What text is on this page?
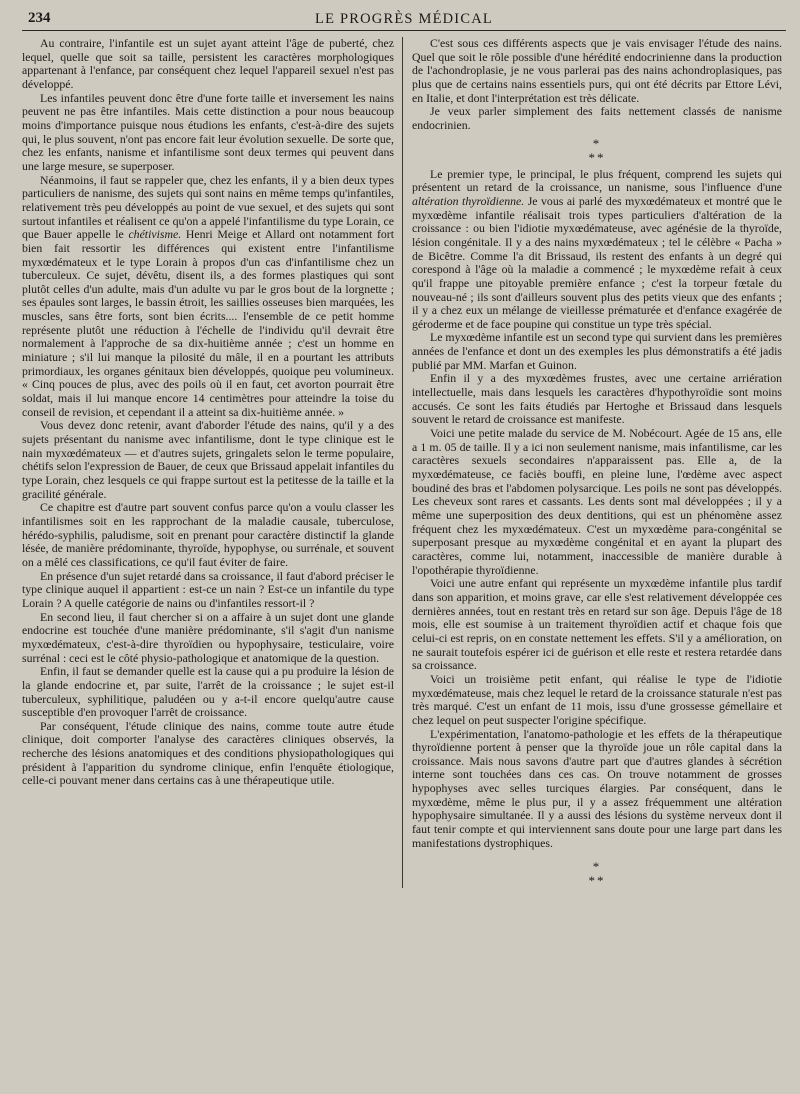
234	LE PROGRÈS MÉDICAL

Au contraire, l'infantile est un sujet ayant atteint l'âge de puberté, chez lequel, quelle que soit sa taille, persistent les caractères morphologiques appartenant à l'enfance, par conséquent chez lequel l'appareil sexuel n'est pas développé.

Les infantiles peuvent donc être d'une forte taille et inversement les nains peuvent ne pas être infantiles. Mais cette distinction a pour nous beaucoup moins d'importance puisque nous étudions les enfants, c'est-à-dire des sujets qui, le plus souvent, n'ont pas encore fait leur évolution sexuelle. De sorte que, chez les enfants, nanisme et infantilisme sont deux termes qui peuvent dans une large mesure, se superposer.

Néanmoins, il faut se rappeler que, chez les enfants, il y a bien deux types particuliers de nanisme, des sujets qui sont nains en même temps qu'infantiles, relativement très peu développés au point de vue sexuel, et des sujets qui sont surtout infantiles et réalisent ce qu'on a appelé l'infantilisme du type Lorain, ce que Bauer appelle le chétivisme. Henri Meige et Allard ont notamment fort bien fait ressortir les différences qui existent entre l'infantilisme myxœdémateux et le type Lorain à propos d'un cas d'infantilisme chez un tuberculeux. Ce sujet, dévêtu, disent ils, a des formes plastiques qui sont plutôt celles d'un adulte, mais d'un adulte vu par le gros bout de la lorgnette ; ses épaules sont larges, le bassin étroit, les saillies osseuses bien marquées, les muscles, sans être forts, sont bien écrits.... l'ensemble de ce petit homme représente plutôt une réduction à l'échelle de l'individu qu'il devrait être normalement à l'approche de sa dix-huitième année ; c'est un homme en miniature ; s'il lui manque la pilosité du mâle, il en a pourtant les attributs primordiaux, les organes génitaux bien développés, quoique peu volumineux. « Cinq pouces de plus, avec des poils où il en faut, cet avorton pourrait être soldat, mais il lui manque encore 14 centimètres pour atteindre la toise du conseil de revision, et cependant il a atteint sa dix-huitième année. »

Vous devez donc retenir, avant d'aborder l'étude des nains, qu'il y a des sujets présentant du nanisme avec infantilisme, dont le type clinique est le nain myxœdémateux — et d'autres sujets, gringalets selon le terme populaire, chétifs selon l'expression de Bauer, de ceux que Brissaud appelait infantiles du type Lorain, chez lesquels ce qui frappe surtout est la petitesse de la taille et la gracilité générale.

Ce chapitre est d'autre part souvent confus parce qu'on a voulu classer les infantilismes soit en les rapprochant de la maladie causale, tuberculose, hérédo-syphilis, paludisme, soit en prenant pour caractère distinctif la glande lésée, de manière prédominante, thyroïde, hypophyse, ou surrénale, et souvent on a mêlé ces classifications, ce qu'il faut éviter de faire.

En présence d'un sujet retardé dans sa croissance, il faut d'abord préciser le type clinique auquel il appartient : est-ce un nain ? Est-ce un infantile du type Lorain ? A quelle catégorie de nains ou d'infantiles ressort-il ?

En second lieu, il faut chercher si on a affaire à un sujet dont une glande endocrine est touchée d'une manière prédominante, s'il s'agit d'un nanisme myxœdémateux, c'est-à-dire thyroïdien ou hypophysaire, testiculaire, voire surrénal : ceci est le côté physio-pathologique et anatomique de la question.

Enfin, il faut se demander quelle est la cause qui a pu produire la lésion de la glande endocrine et, par suite, l'arrêt de la croissance ; le sujet est-il tuberculeux, syphilitique, paludéen ou y a-t-il encore quelqu'autre cause susceptible d'en provoquer l'arrêt de croissance.

Par conséquent, l'étude clinique des nains, comme toute autre étude clinique, doit comporter l'analyse des caractères cliniques observés, la recherche des lésions anatomiques et des conditions physiopathologiques qui président à l'apparition du syndrome clinique, enfin l'enquête étiologique, celle-ci pouvant mener dans certains cas à une thérapeutique utile.

C'est sous ces différents aspects que je vais envisager l'étude des nains. Quel que soit le rôle possible d'une hérédité endocrinienne dans la production de l'achondroplasie, je ne vous parlerai pas des nains achondroplasiques, pas plus que de certains nains essentiels purs, qui ont été décrits par Ettore Lévi, en Italie, et dont l'interprétation est très délicate.

Je veux parler simplement des faits nettement classés de nanisme endocrinien.

*
**

Le premier type, le principal, le plus fréquent, comprend les sujets qui présentent un retard de la croissance, un nanisme, sous l'influence d'une altération thyroïdienne. Je vous ai parlé des myxœdémateux et montré que le myxœdème infantile réalisait trois types particuliers d'altération de la croissance : ou bien l'idiotie myxœdémateuse, avec agénésie de la thyroïde, lésion congénitale. Il y a des nains myxœdémateux ; tel le célèbre « Pacha » de Bicêtre. Comme l'a dit Brissaud, ils restent des enfants à un degré qui corespond à l'âge où la maladie a commencé ; le myxœdème refait à ceux qu'il frappe une pitoyable première enfance ; c'est la torpeur fœtale du nouveau-né ; ils sont d'ailleurs souvent plus des petits vieux que des enfants ; il y a chez eux un mélange de vieillesse prématurée et d'enfance exagérée de géroderme et de face poupine qui constitue un type très spécial.

Le myxœdème infantile est un second type qui survient dans les premières années de l'enfance et dont un des exemples les plus démonstratifs a été jadis publié par MM. Marfan et Guinon.

Enfin il y a des myxœdèmes frustes, avec une certaine arriération intellectuelle, mais dans lesquels les caractères d'hypothyroïdie sont moins accusés. Ce sont les faits étudiés par Hertoghe et Brissaud dans lesquels souvent le retard de croissance est manifeste.

Voici une petite malade du service de M. Nobécourt. Agée de 15 ans, elle a 1 m. 05 de taille. Il y a ici non seulement nanisme, mais infantilisme, car les caractères sexuels secondaires n'apparaissent pas. Elle a, de la myxœdémateuse, ce faciès bouffi, en pleine lune, l'œdème avec aspect boudiné des bras et l'abdomen polysarcique. Les poils ne sont pas développés. Les cheveux sont rares et cassants. Les dents sont mal développées ; il y a même une superposition des deux dentitions, qui est un phénomène assez fréquent chez les myxœdémateux. C'est un myxœdème para-congénital se superposant presque au myxœdème congénital et en ayant la plupart des caractères, comme lui, notamment, inaccessible de manière durable à l'opothérapie thyroïdienne.

Voici une autre enfant qui représente un myxœdème infantile plus tardif dans son apparition, et moins grave, car elle s'est relativement développée ces dernières années, tout en restant très en retard sur son âge. Depuis l'âge de 18 mois, elle est soumise à un traitement thyroïdien actif et chaque fois que celui-ci est repris, on en constate nettement les effets. S'il y a amélioration, on ne saurait toutefois espérer ici de guérison et elle reste et restera retardée dans sa croissance.

Voici un troisième petit enfant, qui réalise le type de l'idiotie myxœdémateuse, mais chez lequel le retard de la croissance staturale n'est pas très marqué. C'est un enfant de 11 mois, issu d'une grossesse gémellaire et chez lequel on peut suspecter l'origine spécifique.

L'expérimentation, l'anatomo-pathologie et les effets de la thérapeutique thyroïdienne portent à penser que la thyroïde joue un rôle capital dans la croissance. Mais nous savons d'autre part que d'autres glandes à sécrétion interne sont touchées dans ces cas. On trouve notamment de grosses hypophyses avec selles turciques élargies. Par conséquent, dans le myxœdème, même le plus pur, il y a assez fréquemment une altération hypophysaire simultanée. Il y a aussi des lésions du système nerveux dont il faut tenir compte et qui interviennent sans doute pour une large part dans les manifestations dystrophiques.

*
**
